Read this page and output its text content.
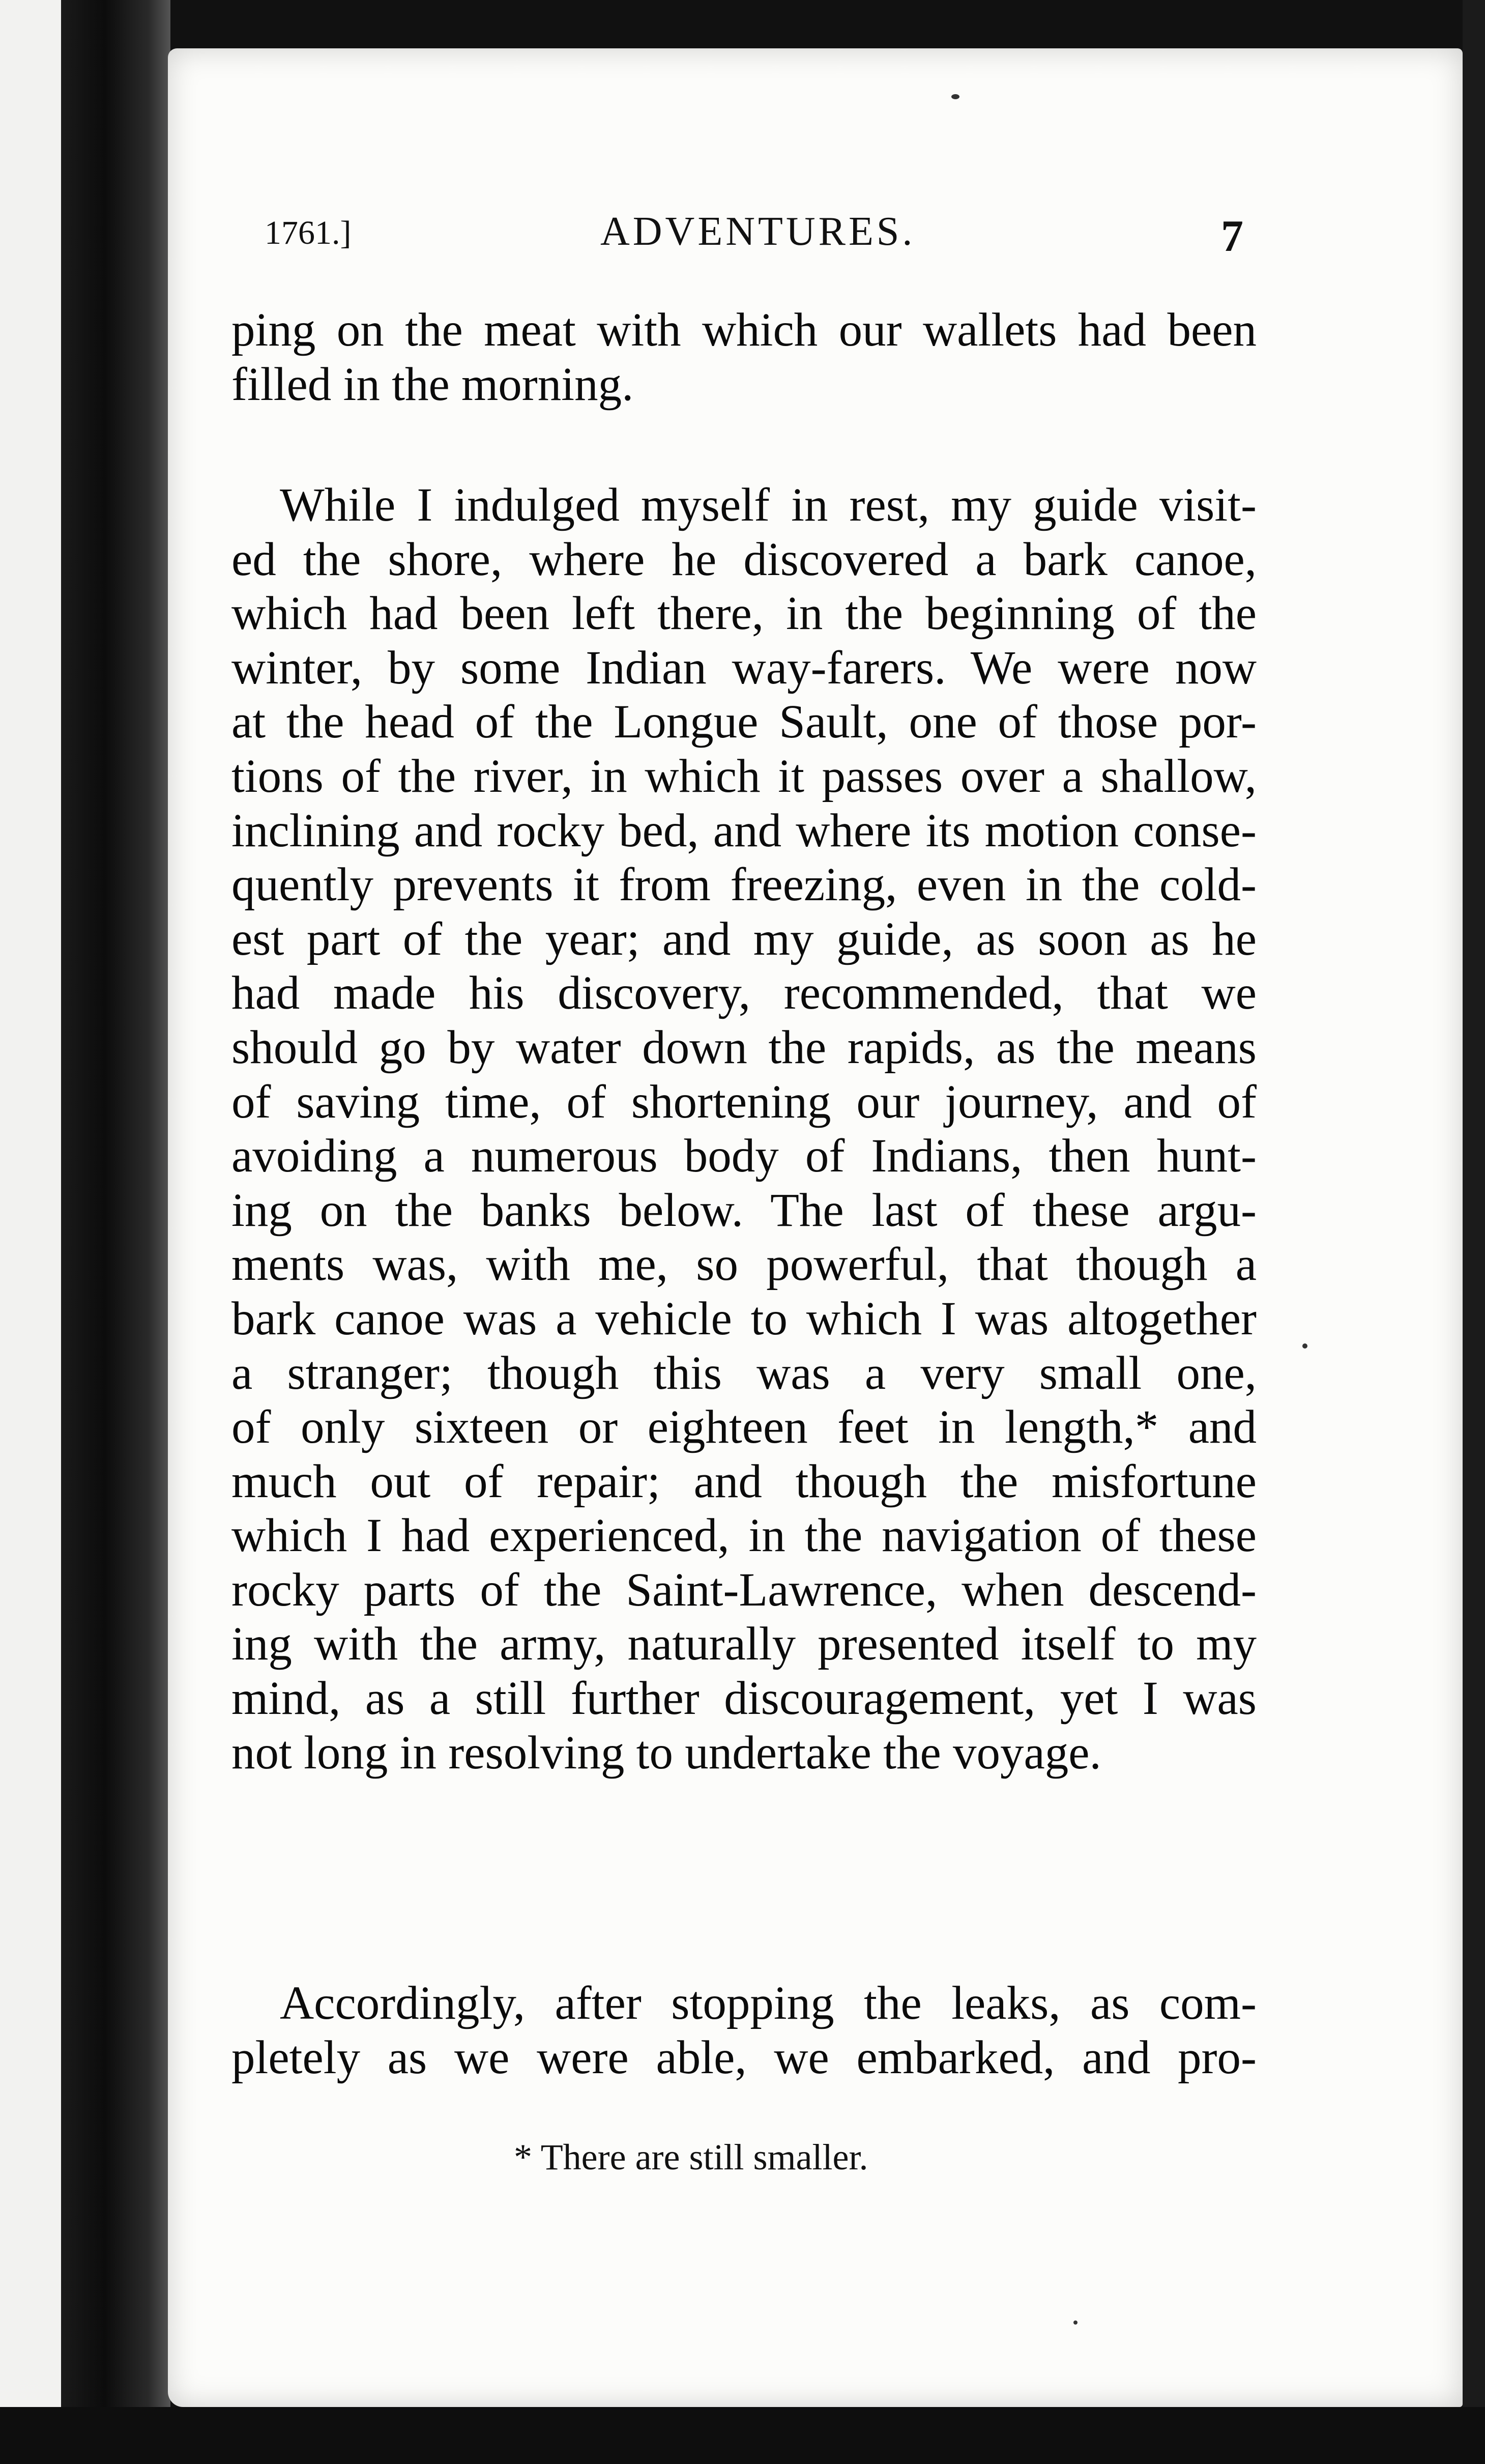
1761.]	ADVENTURES.	7
ping on the meat with which our wallets had been
filled in the morning.
While I indulged myself in rest, my guide visit-
ed the shore, where he discovered a bark canoe,
which had been left there, in the beginning of the
winter, by some Indian way-farers. We were now
at the head of the Longue Sault, one of those por-
tions of the river, in which it passes over a shallow,
inclining and rocky bed, and where its motion conse-
quently prevents it from freezing, even in the cold-
est part of the year; and my guide, as soon as he
had made his discovery, recommended, that we
should go by water down the rapids, as the means
of saving time, of shortening our journey, and of
avoiding a numerous body of Indians, then hunt-
ing on the banks below. The last of these argu-
ments was, with me, so powerful, that though a
bark canoe was a vehicle to which I was altogether
a stranger; though this was a very small one,
of only sixteen or eighteen feet in length,* and
much out of repair; and though the misfortune
which I had experienced, in the navigation of these
rocky parts of the Saint-Lawrence, when descend-
ing with the army, naturally presented itself to my
mind, as a still further discouragement, yet I was
not long in resolving to undertake the voyage.
Accordingly, after stopping the leaks, as com-
pletely as we were able, we embarked, and pro-
* There are still smaller.
